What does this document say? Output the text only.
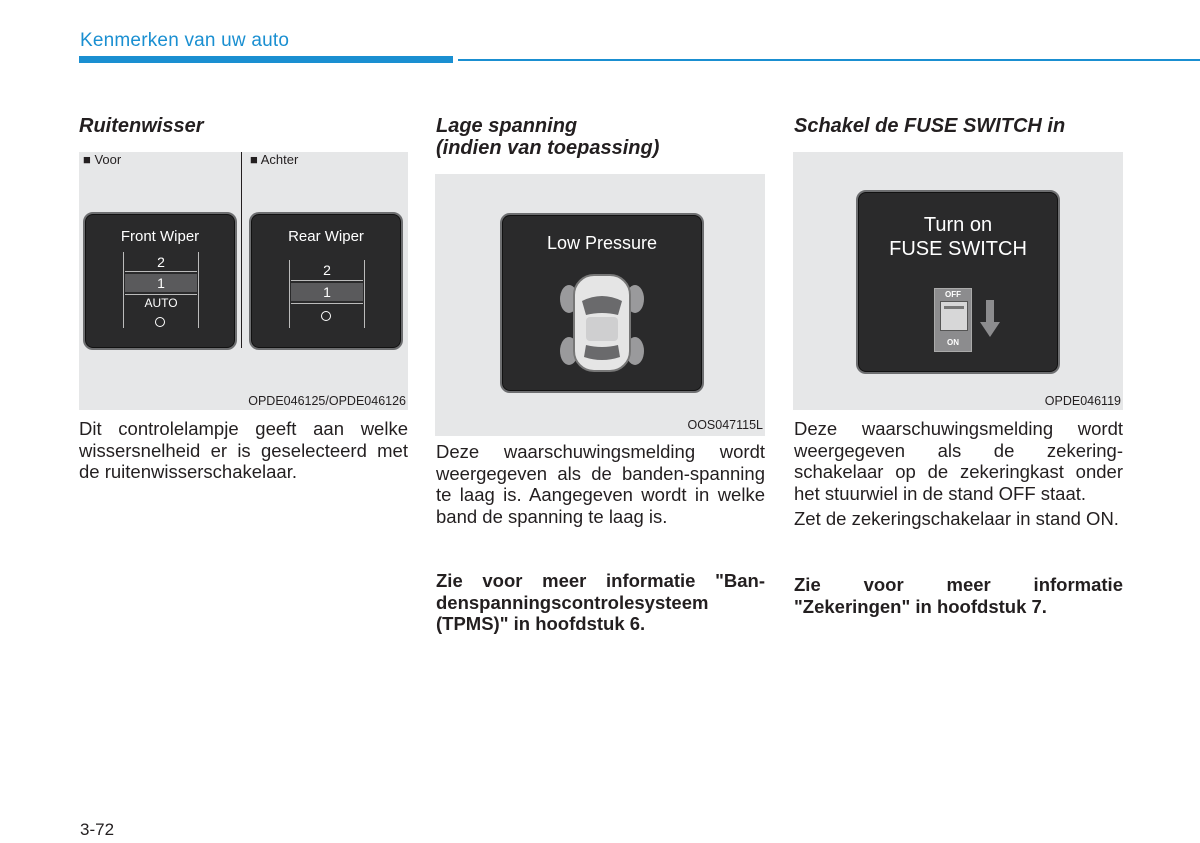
Kenmerken van uw auto
Ruitenwisser
■ Voor	■ Achter
Front Wiper
2
1
AUTO
Rear Wiper
2
1
OPDE046125/OPDE046126
Dit controlelampje geeft aan welke wissersnelheid er is geselecteerd met de ruitenwisserschakelaar.
Lage spanning
(indien van toepassing)
Low Pressure
OOS047115L
Deze waarschuwingsmelding wordt weergegeven als de banden-spanning te laag is. Aangegeven wordt in welke band de spanning te laag is.
Zie voor meer informatie "Ban-denspanningscontrolesysteem (TPMS)" in hoofdstuk 6.
Schakel de FUSE SWITCH in
Turn on
FUSE SWITCH
OFF
ON
OPDE046119
Deze waarschuwingsmelding wordt weergegeven als de zekering-schakelaar op de zekeringkast onder het stuurwiel in de stand OFF staat.
Zet de zekeringschakelaar in stand ON.
Zie voor meer informatie "Zekeringen" in hoofdstuk 7.
3-72
